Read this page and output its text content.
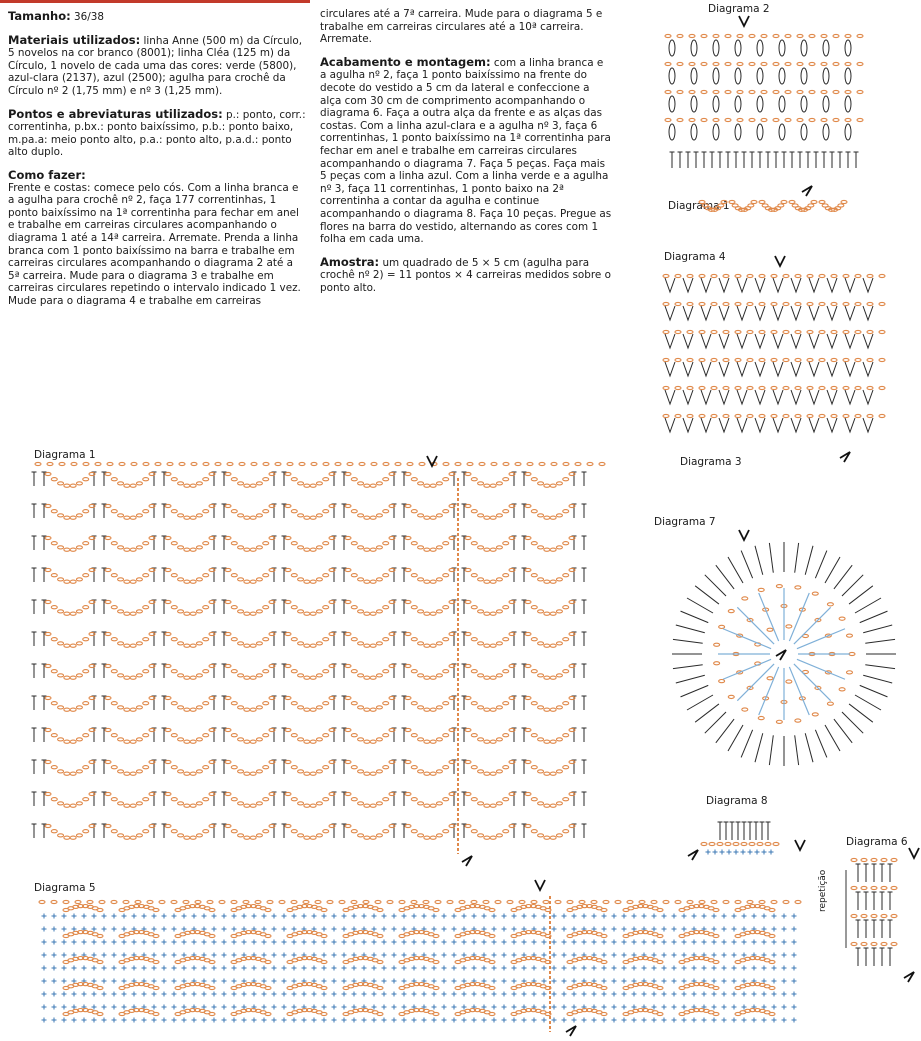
Tamanho: 36/38

Materiais utilizados: linha Anne (500 m) da Círculo, 5 novelos na cor branco (8001); linha Cléa (125 m) da Círculo, 1 novelo de cada uma das cores: verde (5800), azul-clara (2137), azul (2500); agulha para crochê da Círculo nº 2 (1,75 mm) e nº 3 (1,25 mm).

Pontos e abreviaturas utilizados: p.: ponto, corr.: correntinha, p.bx.: ponto baixíssimo, p.b.: ponto baixo, m.pa.a: meio ponto alto, p.a.: ponto alto, p.a.d.: ponto alto duplo.

Como fazer:
Frente e costas: comece pelo cós. Com a linha branca e a agulha para crochê nº 2, faça 177 correntinhas, 1 ponto baixíssimo na 1ª correntinha para fechar em anel e trabalhe em carreiras circulares acompanhando o diagrama 1 até a 14ª carreira. Arremate. Prenda a linha branca com 1 ponto baixíssimo na barra e trabalhe em carreiras circulares acompanhando o diagrama 2 até a 5ª carreira. Mude para o diagrama 3 e trabalhe em carreiras circulares repetindo o intervalo indicado 1 vez. Mude para o diagrama 4 e trabalhe em carreiras

circulares até a 7ª carreira. Mude para o diagrama 5 e trabalhe em carreiras circulares até a 10ª carreira. Arremate.

Acabamento e montagem: com a linha branca e a agulha nº 2, faça 1 ponto baixíssimo na frente do decote do vestido a 5 cm da lateral e confeccione a alça com 30 cm de comprimento acompanhando o diagrama 6. Faça a outra alça da frente e as alças das costas. Com a linha azul-clara e a agulha nº 3, faça 6 correntinhas, 1 ponto baixíssimo na 1ª correntinha para fechar em anel e trabalhe em carreiras circulares acompanhando o diagrama 7. Faça 5 peças. Faça mais 5 peças com a linha azul. Com a linha verde e a agulha nº 3, faça 11 correntinhas, 1 ponto baixo na 2ª correntinha a contar da agulha e continue acompanhando o diagrama 8. Faça 10 peças. Pregue as flores na barra do vestido, alternando as cores com 1 folha em cada uma.

Amostra: um quadrado de 5 × 5 cm (agulha para crochê nº 2) = 11 pontos × 4 carreiras medidos sobre o ponto alto.

Diagrama 1
Diagrama 2
Diagrama 1
Diagrama 4
Diagrama 3
Diagrama 7
Diagrama 8
Diagrama 6
Diagrama 5	repetição
